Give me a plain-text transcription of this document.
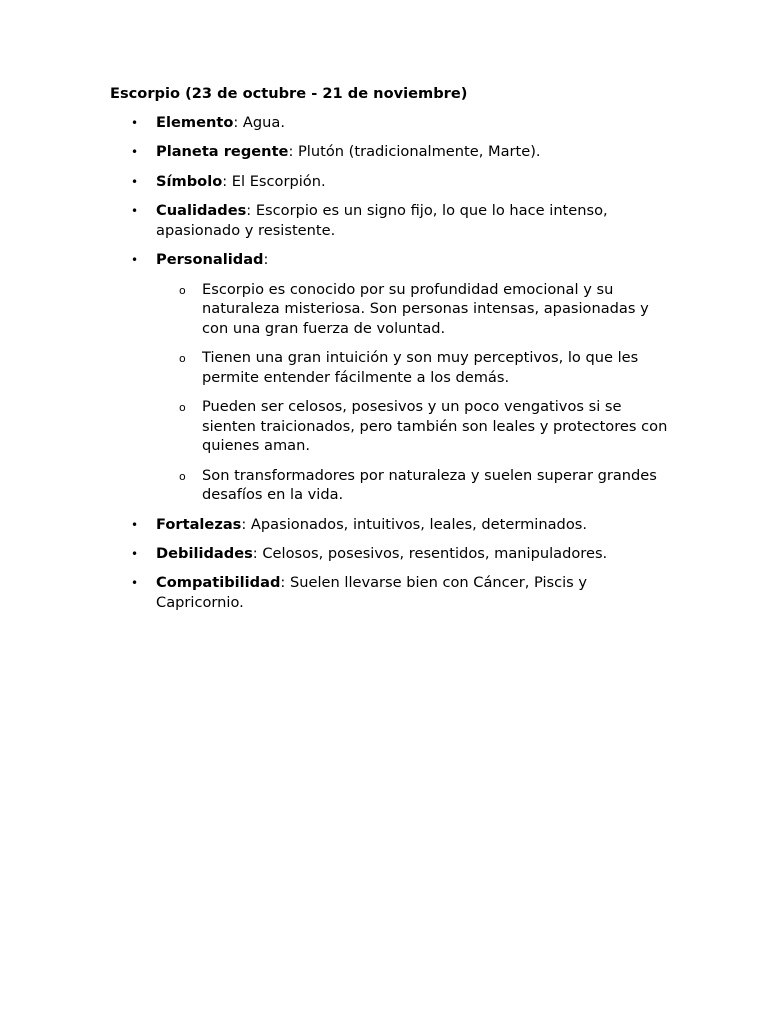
Escorpio (23 de octubre - 21 de noviembre)
• Elemento: Agua.
• Planeta regente: Plutón (tradicionalmente, Marte).
• Símbolo: El Escorpión.
• Cualidades: Escorpio es un signo fijo, lo que lo hace intenso, apasionado y resistente.
• Personalidad:
o Escorpio es conocido por su profundidad emocional y su naturaleza misteriosa. Son personas intensas, apasionadas y con una gran fuerza de voluntad.
o Tienen una gran intuición y son muy perceptivos, lo que les permite entender fácilmente a los demás.
o Pueden ser celosos, posesivos y un poco vengativos si se sienten traicionados, pero también son leales y protectores con quienes aman.
o Son transformadores por naturaleza y suelen superar grandes desafíos en la vida.
• Fortalezas: Apasionados, intuitivos, leales, determinados.
• Debilidades: Celosos, posesivos, resentidos, manipuladores.
• Compatibilidad: Suelen llevarse bien con Cáncer, Piscis y Capricornio.
